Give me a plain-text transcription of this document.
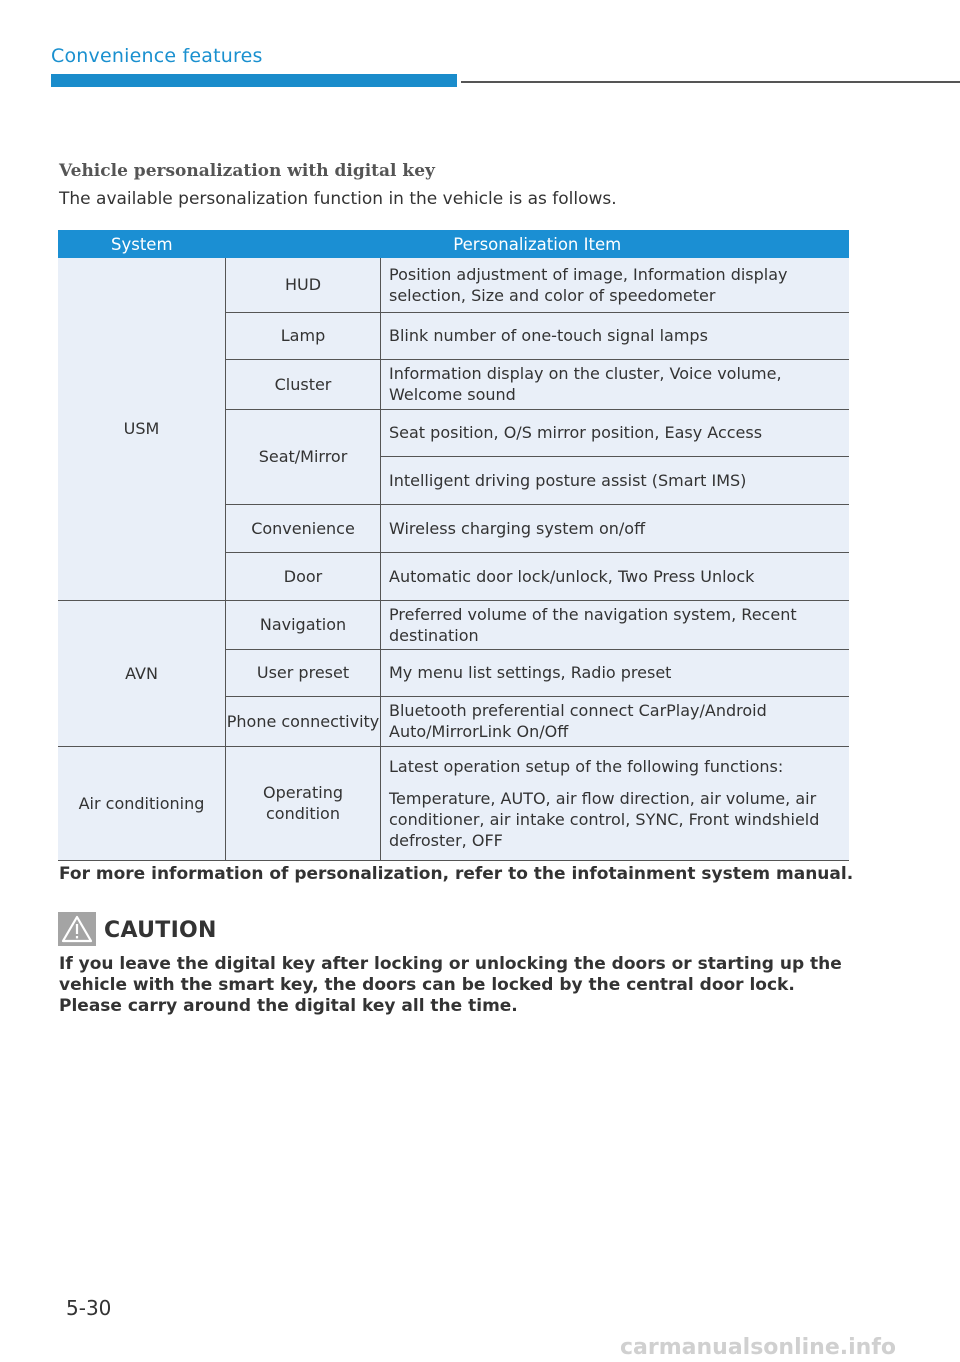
Convenience features
Vehicle personalization with digital key
The available personalization function in the vehicle is as follows.
System	Personalization Item	
USM	HUD	Position adjustment of image, Information display selection, Size and color of speedometer
	Lamp	Blink number of one-touch signal lamps
	Cluster	Information display on the cluster, Voice volume, Welcome sound
	Seat/Mirror	Seat position, O/S mirror position, Easy Access
		Intelligent driving posture assist (Smart IMS)
	Convenience	Wireless charging system on/off
	Door	Automatic door lock/unlock, Two Press Unlock
AVN	Navigation	Preferred volume of the navigation system, Recent destination
	User preset	My menu list settings, Radio preset
	Phone connectivity	Bluetooth preferential connect CarPlay/Android Auto/MirrorLink On/Off
Air conditioning	Operating condition	Latest operation setup of the following functions:
Temperature, AUTO, air flow direction, air volume, air conditioner, air intake control, SYNC, Front windshield defroster, OFF
For more information of personalization, refer to the infotainment system manual.
CAUTION
If you leave the digital key after locking or unlocking the doors or starting up the vehicle with the smart key, the doors can be locked by the central door lock. Please carry around the digital key all the time.
5-30
carmanualsonline.info
